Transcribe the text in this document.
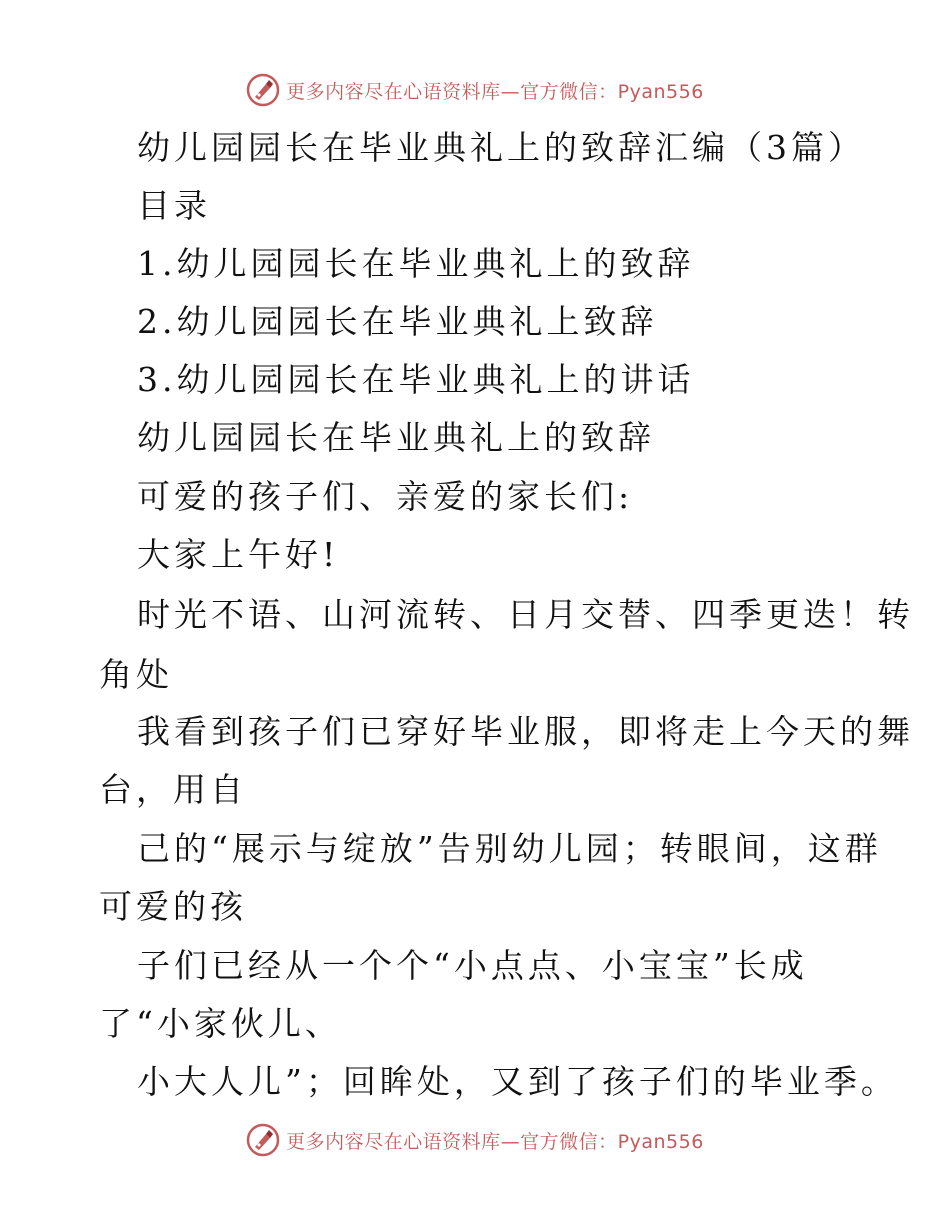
更多内容尽在心语资料库—官方微信：Pyan556
幼儿园园长在毕业典礼上的致辞汇编（3篇）
目录
1.幼儿园园长在毕业典礼上的致辞
2.幼儿园园长在毕业典礼上致辞
3.幼儿园园长在毕业典礼上的讲话
幼儿园园长在毕业典礼上的致辞
可爱的孩子们、亲爱的家长们:
大家上午好!
时光不语、山河流转、日月交替、四季更迭！转
角处
我看到孩子们已穿好毕业服，即将走上今天的舞
台，用自
己的“展示与绽放”告别幼儿园；转眼间，这群
可爱的孩
子们已经从一个个“小点点、小宝宝”长成
了“小家伙儿、
小大人儿”；回眸处，又到了孩子们的毕业季。
更多内容尽在心语资料库—官方微信：Pyan556
